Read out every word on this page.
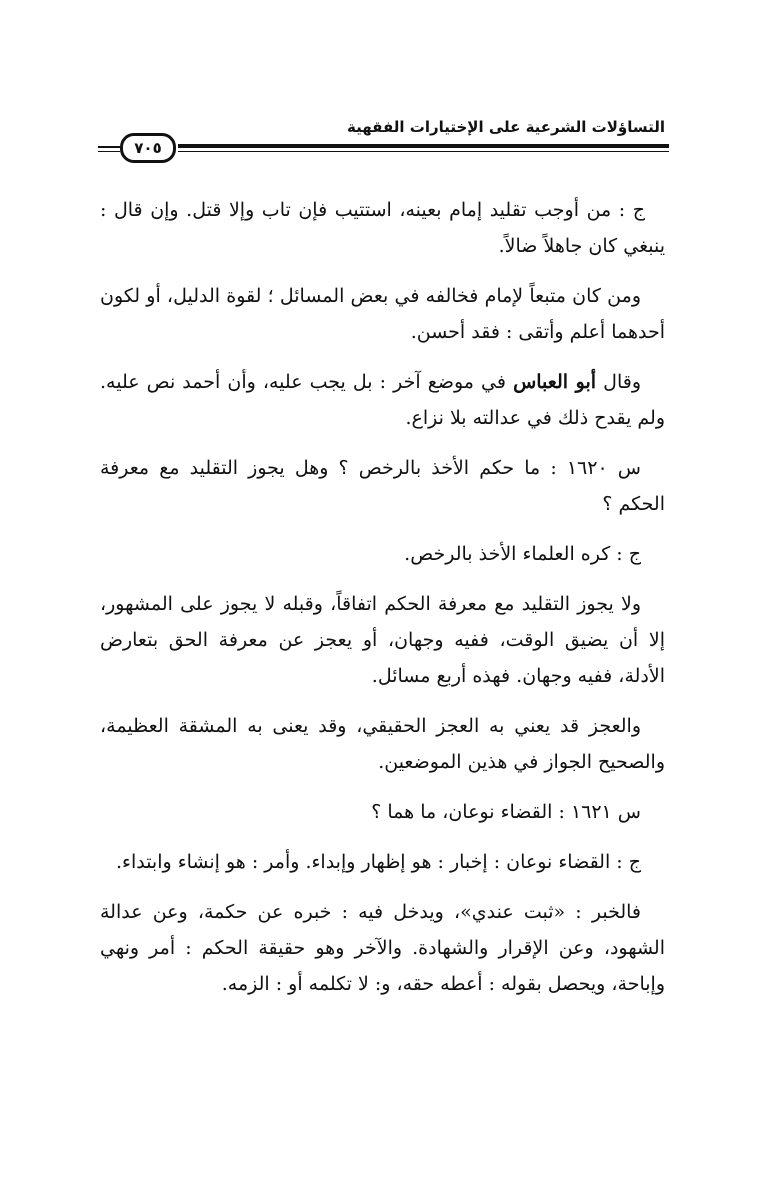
التساؤلات الشرعية على الإختيارات الفقهية
٧٠٥

ج : من أوجب تقليد إمام بعينه، استتيب فإن تاب وإلا قتل. وإن قال : ينبغي كان جاهلاً ضالاً.

ومن كان متبعاً لإمام فخالفه في بعض المسائل ؛ لقوة الدليل، أو لكون أحدهما أعلم وأتقى : فقد أحسن.

وقال أبو العباس في موضع آخر : بل يجب عليه، وأن أحمد نص عليه. ولم يقدح ذلك في عدالته بلا نزاع.

س ١٦٢٠ : ما حكم الأخذ بالرخص ؟ وهل يجوز التقليد مع معرفة الحكم ؟

ج : كره العلماء الأخذ بالرخص.

ولا يجوز التقليد مع معرفة الحكم اتفاقاً، وقبله لا يجوز على المشهور، إلا أن يضيق الوقت، ففيه وجهان، أو يعجز عن معرفة الحق بتعارض الأدلة، ففيه وجهان. فهذه أربع مسائل.

والعجز قد يعني به العجز الحقيقي، وقد يعنى به المشقة العظيمة، والصحيح الجواز في هذين الموضعين.

س ١٦٢١ : القضاء نوعان، ما هما ؟

ج : القضاء نوعان : إخبار : هو إظهار وإبداء. وأمر : هو إنشاء وابتداء.

فالخبر : «ثبت عندي»، ويدخل فيه : خبره عن حكمة، وعن عدالة الشهود، وعن الإقرار والشهادة. والآخر وهو حقيقة الحكم : أمر ونهي وإباحة، ويحصل بقوله : أعطه حقه، و: لا تكلمه أو : الزمه.
